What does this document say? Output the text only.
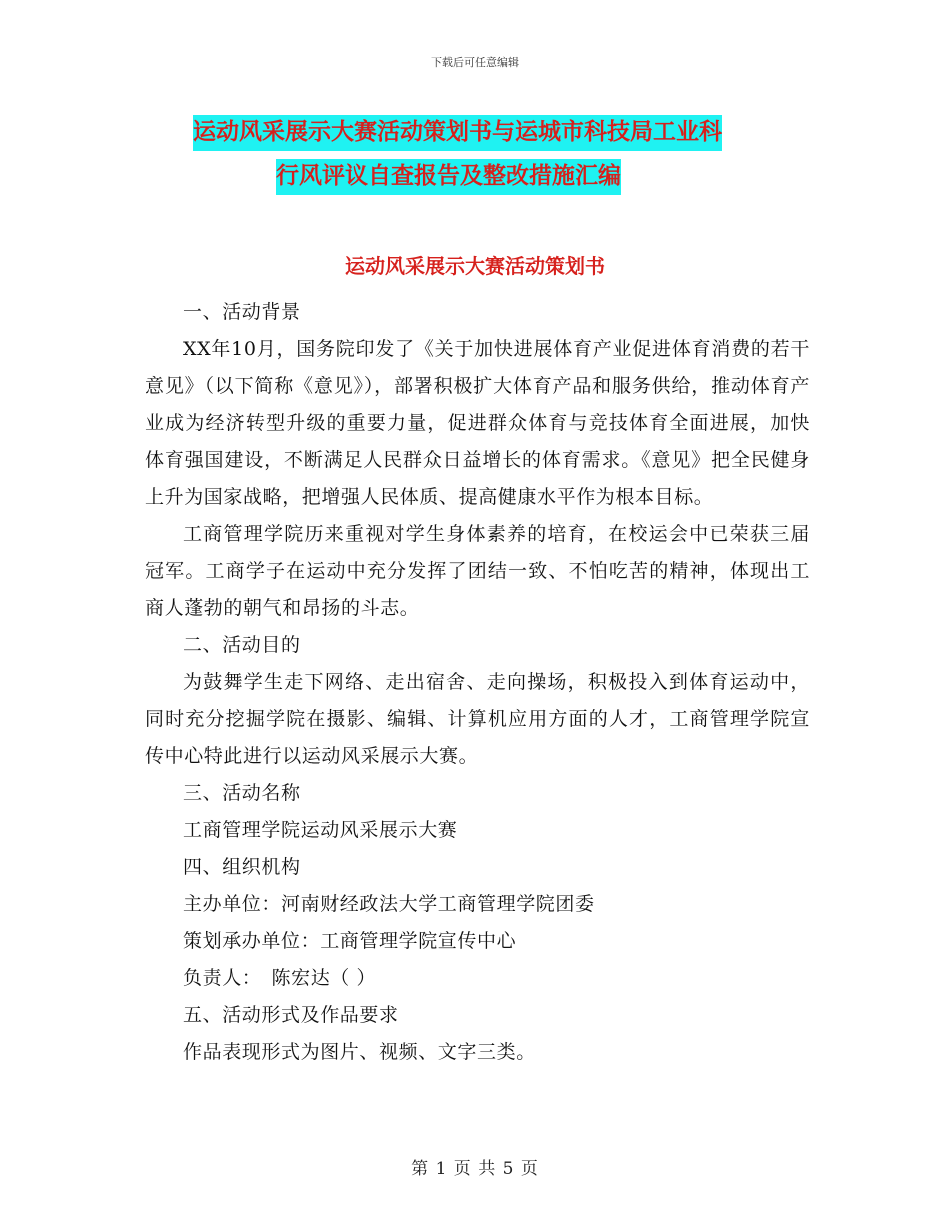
下载后可任意编辑
运动风采展示大赛活动策划书与运城市科技局工业科
行风评议自查报告及整改措施汇编
运动风采展示大赛活动策划书

一、活动背景

XX年10月，国务院印发了《关于加快进展体育产业促进体育消费的若干意见》（以下简称《意见》），部署积极扩大体育产品和服务供给，推动体育产业成为经济转型升级的重要力量，促进群众体育与竞技体育全面进展，加快体育强国建设，不断满足人民群众日益增长的体育需求。《意见》把全民健身上升为国家战略，把增强人民体质、提高健康水平作为根本目标。

工商管理学院历来重视对学生身体素养的培育，在校运会中已荣获三届冠军。工商学子在运动中充分发挥了团结一致、不怕吃苦的精神，体现出工商人蓬勃的朝气和昂扬的斗志。

二、活动目的

为鼓舞学生走下网络、走出宿舍、走向操场，积极投入到体育运动中，同时充分挖掘学院在摄影、编辑、计算机应用方面的人才，工商管理学院宣传中心特此进行以运动风采展示大赛。

三、活动名称

工商管理学院运动风采展示大赛

四、组织机构

主办单位：河南财经政法大学工商管理学院团委

策划承办单位：工商管理学院宣传中心

负责人：　陈宏达（ ）

五、活动形式及作品要求

作品表现形式为图片、视频、文字三类。

第 1 页 共 5 页
